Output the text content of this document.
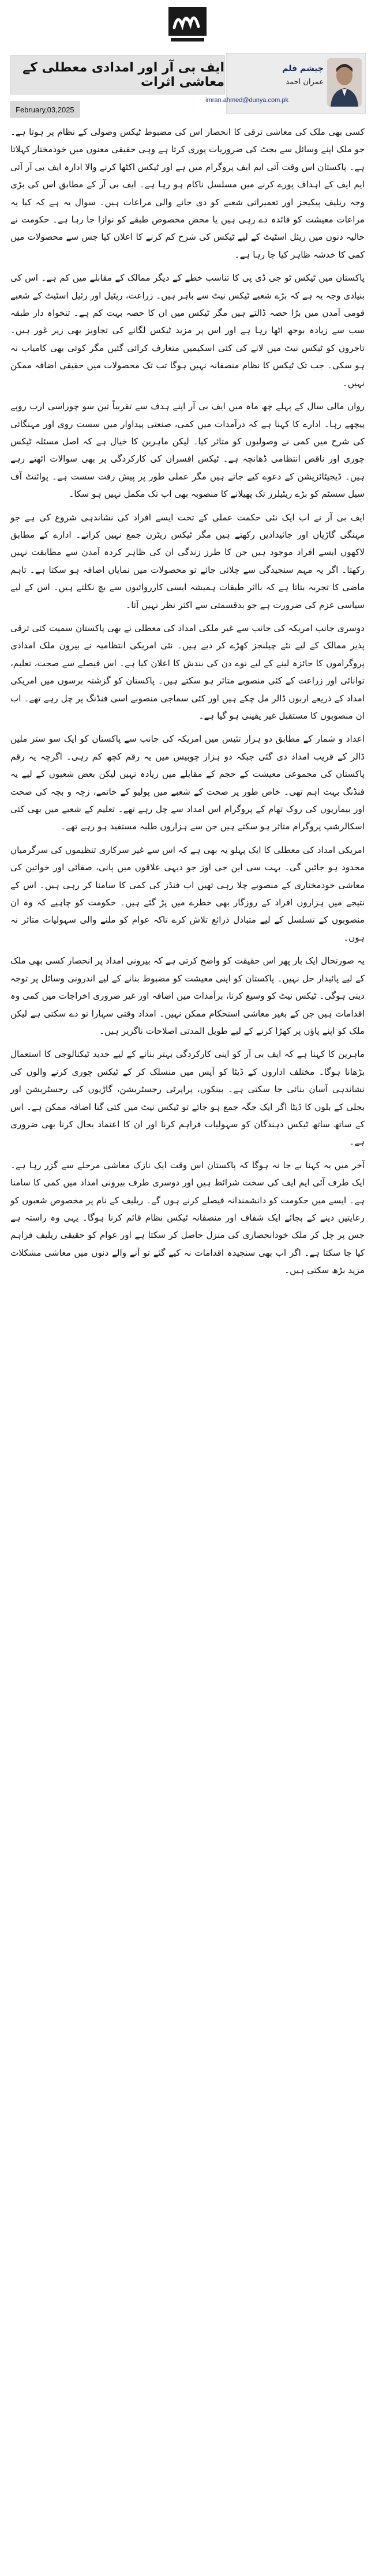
ایف بی آر اور امدادی معطلی کے معاشی اثرات
چیشم فلم
عمران احمد
imran.ahmed@dunya.com.pk
February,03,2025

کسی بھی ملک کی معاشی ترقی کا انحصار اس کی مضبوط ٹیکس وصولی کے نظام پر ہوتا ہے۔ جو ملک اپنے وسائل سے بجٹ کی ضروریات پوری کرتا ہے وہی حقیقی معنوں میں خودمختار کہلاتا ہے۔ پاکستان اس وقت آئی ایم ایف پروگرام میں ہے اور ٹیکس اکٹھا کرنے والا ادارہ ایف بی آر آئی ایم ایف کے اہداف پورے کرنے میں مسلسل ناکام ہو رہا ہے۔ ایف بی آر کے مطابق اس کی بڑی وجہ ریلیف پیکیجز اور تعمیراتی شعبے کو دی جانے والی مراعات ہیں۔ سوال یہ ہے کہ کیا یہ مراعات معیشت کو فائدہ دے رہی ہیں یا محض مخصوص طبقے کو نوازا جا رہا ہے۔ حکومت نے حالیہ دنوں میں ریئل اسٹیٹ کے لیے ٹیکس کی شرح کم کرنے کا اعلان کیا جس سے محصولات میں کمی کا خدشہ ظاہر کیا جا رہا ہے۔

پاکستان میں ٹیکس ٹو جی ڈی پی کا تناسب خطے کے دیگر ممالک کے مقابلے میں کم ہے۔ اس کی بنیادی وجہ یہ ہے کہ بڑے شعبے ٹیکس نیٹ سے باہر ہیں۔ زراعت، ریٹیل اور رئیل اسٹیٹ کے شعبے قومی آمدن میں بڑا حصہ ڈالتے ہیں مگر ٹیکس میں ان کا حصہ بہت کم ہے۔ تنخواہ دار طبقہ سب سے زیادہ بوجھ اٹھا رہا ہے اور اس پر مزید ٹیکس لگانے کی تجاویز بھی زیر غور ہیں۔ تاجروں کو ٹیکس نیٹ میں لانے کی کئی اسکیمیں متعارف کرائی گئیں مگر کوئی بھی کامیاب نہ ہو سکی۔ جب تک ٹیکس کا نظام منصفانہ نہیں ہوگا تب تک محصولات میں حقیقی اضافہ ممکن نہیں۔

رواں مالی سال کے پہلے چھ ماہ میں ایف بی آر اپنے ہدف سے تقریباً تین سو چوراسی ارب روپے پیچھے رہا۔ ادارے کا کہنا ہے کہ درآمدات میں کمی، صنعتی پیداوار میں سست روی اور مہنگائی کی شرح میں کمی نے وصولیوں کو متاثر کیا۔ لیکن ماہرین کا خیال ہے کہ اصل مسئلہ ٹیکس چوری اور ناقص انتظامی ڈھانچہ ہے۔ ٹیکس افسران کی کارکردگی پر بھی سوالات اٹھتے رہے ہیں۔ ڈیجیٹائزیشن کے دعوے کیے جاتے ہیں مگر عملی طور پر پیش رفت سست ہے۔ پوائنٹ آف سیل سسٹم کو بڑے ریٹیلرز تک پھیلانے کا منصوبہ بھی اب تک مکمل نہیں ہو سکا۔

ایف بی آر نے اب ایک نئی حکمت عملی کے تحت ایسے افراد کی نشاندہی شروع کی ہے جو مہنگی گاڑیاں اور جائیدادیں رکھتے ہیں مگر ٹیکس ریٹرن جمع نہیں کراتے۔ ادارے کے مطابق لاکھوں ایسے افراد موجود ہیں جن کا طرز زندگی ان کی ظاہر کردہ آمدن سے مطابقت نہیں رکھتا۔ اگر یہ مہم سنجیدگی سے چلائی جائے تو محصولات میں نمایاں اضافہ ہو سکتا ہے۔ تاہم ماضی کا تجربہ بتاتا ہے کہ بااثر طبقات ہمیشہ ایسی کارروائیوں سے بچ نکلتے ہیں۔ اس کے لیے سیاسی عزم کی ضرورت ہے جو بدقسمتی سے اکثر نظر نہیں آتا۔

دوسری جانب امریکہ کی جانب سے غیر ملکی امداد کی معطلی نے بھی پاکستان سمیت کئی ترقی پذیر ممالک کے لیے نئے چیلنجز کھڑے کر دیے ہیں۔ نئی امریکی انتظامیہ نے بیرون ملک امدادی پروگراموں کا جائزہ لینے کے لیے نوے دن کی بندش کا اعلان کیا ہے۔ اس فیصلے سے صحت، تعلیم، توانائی اور زراعت کے کئی منصوبے متاثر ہو سکتے ہیں۔ پاکستان کو گزشتہ برسوں میں امریکی امداد کے ذریعے اربوں ڈالر مل چکے ہیں اور کئی سماجی منصوبے اسی فنڈنگ پر چل رہے تھے۔ اب ان منصوبوں کا مستقبل غیر یقینی ہو گیا ہے۔

اعداد و شمار کے مطابق دو ہزار تئیس میں امریکہ کی جانب سے پاکستان کو ایک سو ستر ملین ڈالر کے قریب امداد دی گئی جبکہ دو ہزار چوبیس میں یہ رقم کچھ کم رہی۔ اگرچہ یہ رقم پاکستان کی مجموعی معیشت کے حجم کے مقابلے میں زیادہ نہیں لیکن بعض شعبوں کے لیے یہ فنڈنگ بہت اہم تھی۔ خاص طور پر صحت کے شعبے میں پولیو کے خاتمے، زچہ و بچہ کی صحت اور بیماریوں کی روک تھام کے پروگرام اس امداد سے چل رہے تھے۔ تعلیم کے شعبے میں بھی کئی اسکالرشپ پروگرام متاثر ہو سکتے ہیں جن سے ہزاروں طلبہ مستفید ہو رہے تھے۔

امریکی امداد کی معطلی کا ایک پہلو یہ بھی ہے کہ اس سے غیر سرکاری تنظیموں کی سرگرمیاں محدود ہو جائیں گی۔ بہت سی این جی اوز جو دیہی علاقوں میں پانی، صفائی اور خواتین کی معاشی خودمختاری کے منصوبے چلا رہی تھیں اب فنڈز کی کمی کا سامنا کر رہی ہیں۔ اس کے نتیجے میں ہزاروں افراد کے روزگار بھی خطرے میں پڑ گئے ہیں۔ حکومت کو چاہیے کہ وہ ان منصوبوں کے تسلسل کے لیے متبادل ذرائع تلاش کرے تاکہ عوام کو ملنے والی سہولیات متاثر نہ ہوں۔

یہ صورتحال ایک بار پھر اس حقیقت کو واضح کرتی ہے کہ بیرونی امداد پر انحصار کسی بھی ملک کے لیے پائیدار حل نہیں۔ پاکستان کو اپنی معیشت کو مضبوط بنانے کے لیے اندرونی وسائل پر توجہ دینی ہوگی۔ ٹیکس نیٹ کو وسیع کرنا، برآمدات میں اضافہ اور غیر ضروری اخراجات میں کمی وہ اقدامات ہیں جن کے بغیر معاشی استحکام ممکن نہیں۔ امداد وقتی سہارا تو دے سکتی ہے لیکن ملک کو اپنے پاؤں پر کھڑا کرنے کے لیے طویل المدتی اصلاحات ناگزیر ہیں۔

ماہرین کا کہنا ہے کہ ایف بی آر کو اپنی کارکردگی بہتر بنانے کے لیے جدید ٹیکنالوجی کا استعمال بڑھانا ہوگا۔ مختلف اداروں کے ڈیٹا کو آپس میں منسلک کر کے ٹیکس چوری کرنے والوں کی نشاندہی آسان بنائی جا سکتی ہے۔ بینکوں، پراپرٹی رجسٹریشن، گاڑیوں کی رجسٹریشن اور بجلی کے بلوں کا ڈیٹا اگر ایک جگہ جمع ہو جائے تو ٹیکس نیٹ میں کئی گنا اضافہ ممکن ہے۔ اس کے ساتھ ساتھ ٹیکس دہندگان کو سہولیات فراہم کرنا اور ان کا اعتماد بحال کرنا بھی ضروری ہے۔

آخر میں یہ کہنا بے جا نہ ہوگا کہ پاکستان اس وقت ایک نازک معاشی مرحلے سے گزر رہا ہے۔ ایک طرف آئی ایم ایف کی سخت شرائط ہیں اور دوسری طرف بیرونی امداد میں کمی کا سامنا ہے۔ ایسے میں حکومت کو دانشمندانہ فیصلے کرنے ہوں گے۔ ریلیف کے نام پر مخصوص شعبوں کو رعایتیں دینے کے بجائے ایک شفاف اور منصفانہ ٹیکس نظام قائم کرنا ہوگا۔ یہی وہ راستہ ہے جس پر چل کر ملک خودانحصاری کی منزل حاصل کر سکتا ہے اور عوام کو حقیقی ریلیف فراہم کیا جا سکتا ہے۔ اگر اب بھی سنجیدہ اقدامات نہ کیے گئے تو آنے والے دنوں میں معاشی مشکلات مزید بڑھ سکتی ہیں۔
